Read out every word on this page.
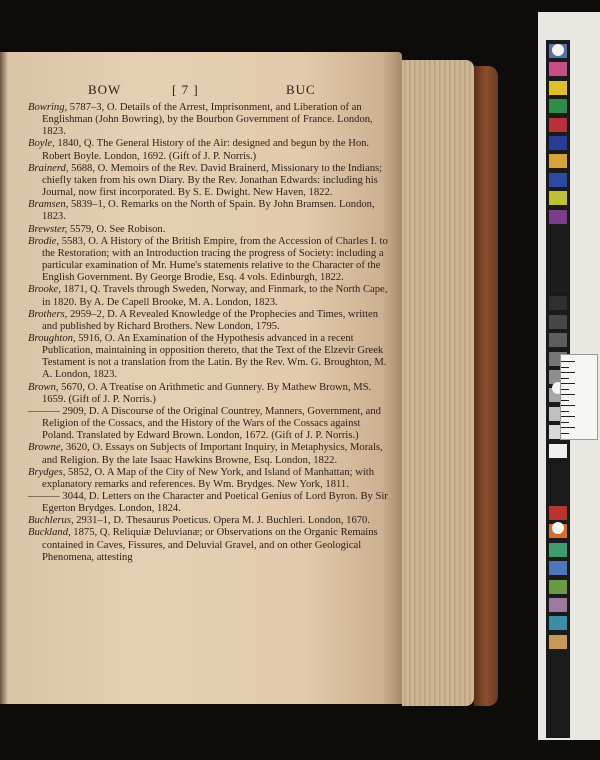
BOW	[ 7 ]	BUC
Bowring, 5787–3, O. Details of the Arrest, Imprisonment, and Liberation of an Englishman (John Bowring), by the Bourbon Government of France. London, 1823.
Boyle, 1840, Q. The General History of the Air: designed and begun by the Hon. Robert Boyle. London, 1692. (Gift of J. P. Norris.)
Brainerd, 5688, O. Memoirs of the Rev. David Brainerd, Missionary to the Indians; chiefly taken from his own Diary. By the Rev. Jonathan Edwards: including his Journal, now first incorporated. By S. E. Dwight. New Haven, 1822.
Bramsen, 5839–1, O. Remarks on the North of Spain. By John Bramsen. London, 1823.
Brewster, 5579, O. See Robison.
Brodie, 5583, O. A History of the British Empire, from the Accession of Charles I. to the Restoration; with an Introduction tracing the progress of Society: including a particular examination of Mr. Hume's statements relative to the Character of the English Government. By George Brodie, Esq. 4 vols. Edinburgh, 1822.
Brooke, 1871, Q. Travels through Sweden, Norway, and Finmark, to the North Cape, in 1820. By A. De Capell Brooke, M. A. London, 1823.
Brothers, 2959–2, D. A Revealed Knowledge of the Prophecies and Times, written and published by Richard Brothers. New London, 1795.
Broughton, 5916, O. An Examination of the Hypothesis advanced in a recent Publication, maintaining in opposition thereto, that the Text of the Elzevir Greek Testament is not a translation from the Latin. By the Rev. Wm. G. Broughton, M. A. London, 1823.
Brown, 5670, O. A Treatise on Arithmetic and Gunnery. By Mathew Brown, MS. 1659. (Gift of J. P. Norris.)
——— 2909, D. A Discourse of the Original Countrey, Manners, Government, and Religion of the Cossacs, and the History of the Wars of the Cossacs against Poland. Translated by Edward Brown. London, 1672. (Gift of J. P. Norris.)
Browne, 3620, O. Essays on Subjects of Important Inquiry, in Metaphysics, Morals, and Religion. By the late Isaac Hawkins Browne, Esq. London, 1822.
Brydges, 5852, O. A Map of the City of New York, and Island of Manhattan; with explanatory remarks and references. By Wm. Brydges. New York, 1811.
——— 3044, D. Letters on the Character and Poetical Genius of Lord Byron. By Sir Egerton Brydges. London, 1824.
Buchlerus, 2931–1, D. Thesaurus Poeticus. Opera M. J. Buchleri. London, 1670.
Buckland, 1875, Q. Reliquiæ Deluvianæ; or Observations on the Organic Remains contained in Caves, Fissures, and Deluvial Gravel, and on other Geological Phenomena, attesting
